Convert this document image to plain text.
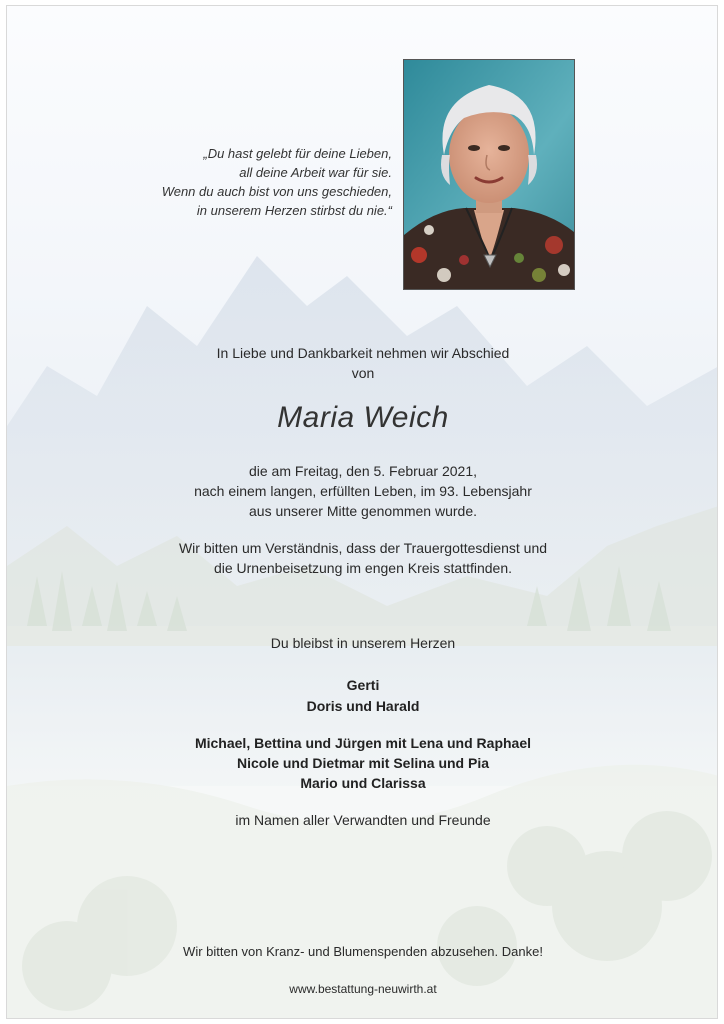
„Du hast gelebt für deine Lieben,
all deine Arbeit war für sie.
Wenn du auch bist von uns geschieden,
in unserem Herzen stirbst du nie.“
In Liebe und Dankbarkeit nehmen wir Abschied
von
Maria Weich
die am Freitag, den 5. Februar 2021,
nach einem langen, erfüllten Leben, im 93. Lebensjahr
aus unserer Mitte genommen wurde.
Wir bitten um Verständnis, dass der Trauergottesdienst und
die Urnenbeisetzung im engen Kreis stattfinden.
Du bleibst in unserem Herzen
Gerti
Doris und Harald
Michael, Bettina und Jürgen mit Lena und Raphael
Nicole und Dietmar mit Selina und Pia
Mario und Clarissa
im Namen aller Verwandten und Freunde
Wir bitten von Kranz- und Blumenspenden abzusehen. Danke!
www.bestattung-neuwirth.at
